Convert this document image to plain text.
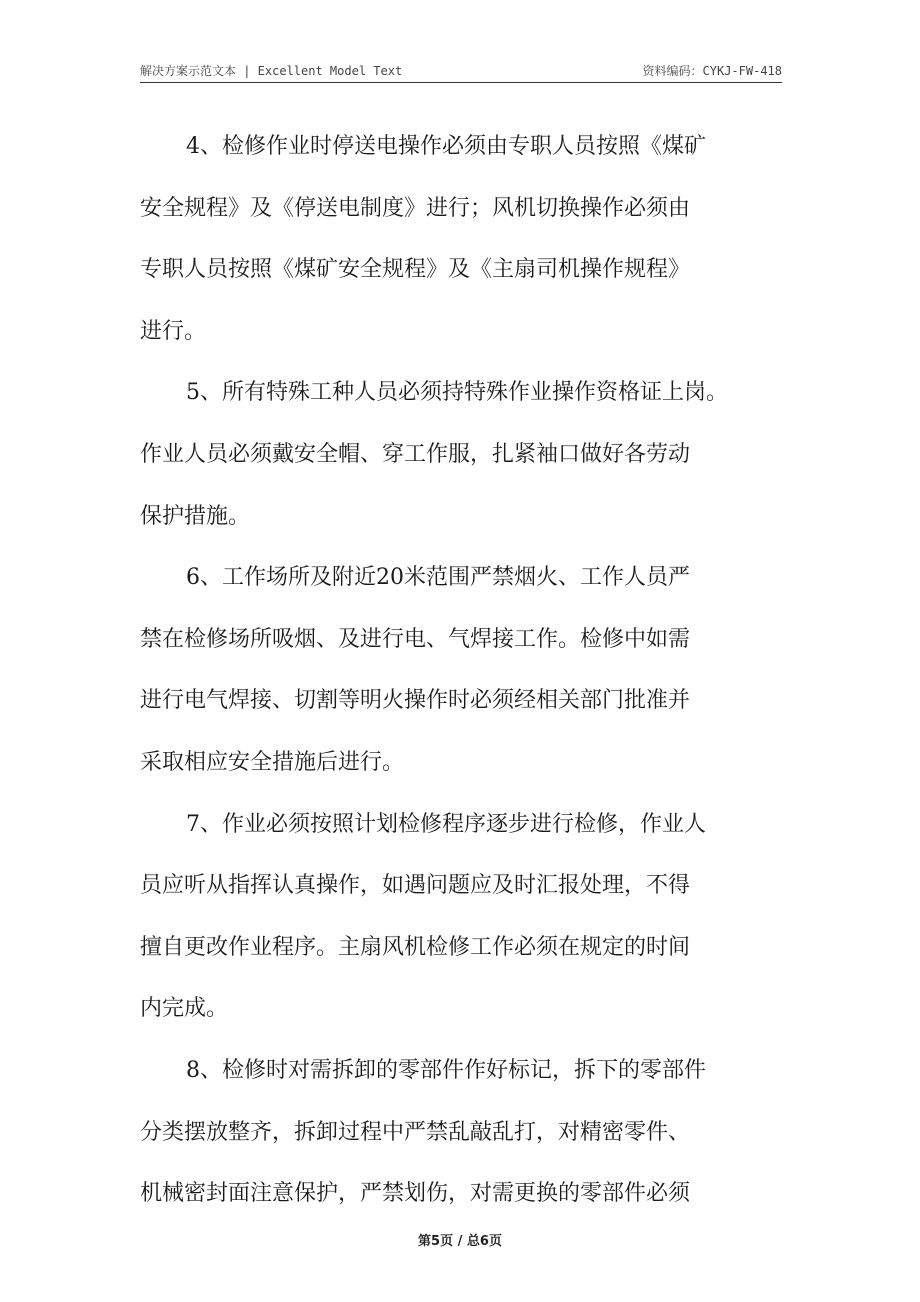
解决方案示范文本 | Excellent Model Text	资料编码：CYKJ-FW-418
4、检修作业时停送电操作必须由专职人员按照《煤矿
安全规程》及《停送电制度》进行；风机切换操作必须由
专职人员按照《煤矿安全规程》及《主扇司机操作规程》
进行。
5、所有特殊工种人员必须持特殊作业操作资格证上岗。
作业人员必须戴安全帽、穿工作服，扎紧袖口做好各劳动
保护措施。
6、工作场所及附近20米范围严禁烟火、工作人员严
禁在检修场所吸烟、及进行电、气焊接工作。检修中如需
进行电气焊接、切割等明火操作时必须经相关部门批准并
采取相应安全措施后进行。
7、作业必须按照计划检修程序逐步进行检修，作业人
员应听从指挥认真操作，如遇问题应及时汇报处理，不得
擅自更改作业程序。主扇风机检修工作必须在规定的时间
内完成。
8、检修时对需拆卸的零部件作好标记，拆下的零部件
分类摆放整齐，拆卸过程中严禁乱敲乱打，对精密零件、
机械密封面注意保护，严禁划伤，对需更换的零部件必须
第5页 / 总6页
